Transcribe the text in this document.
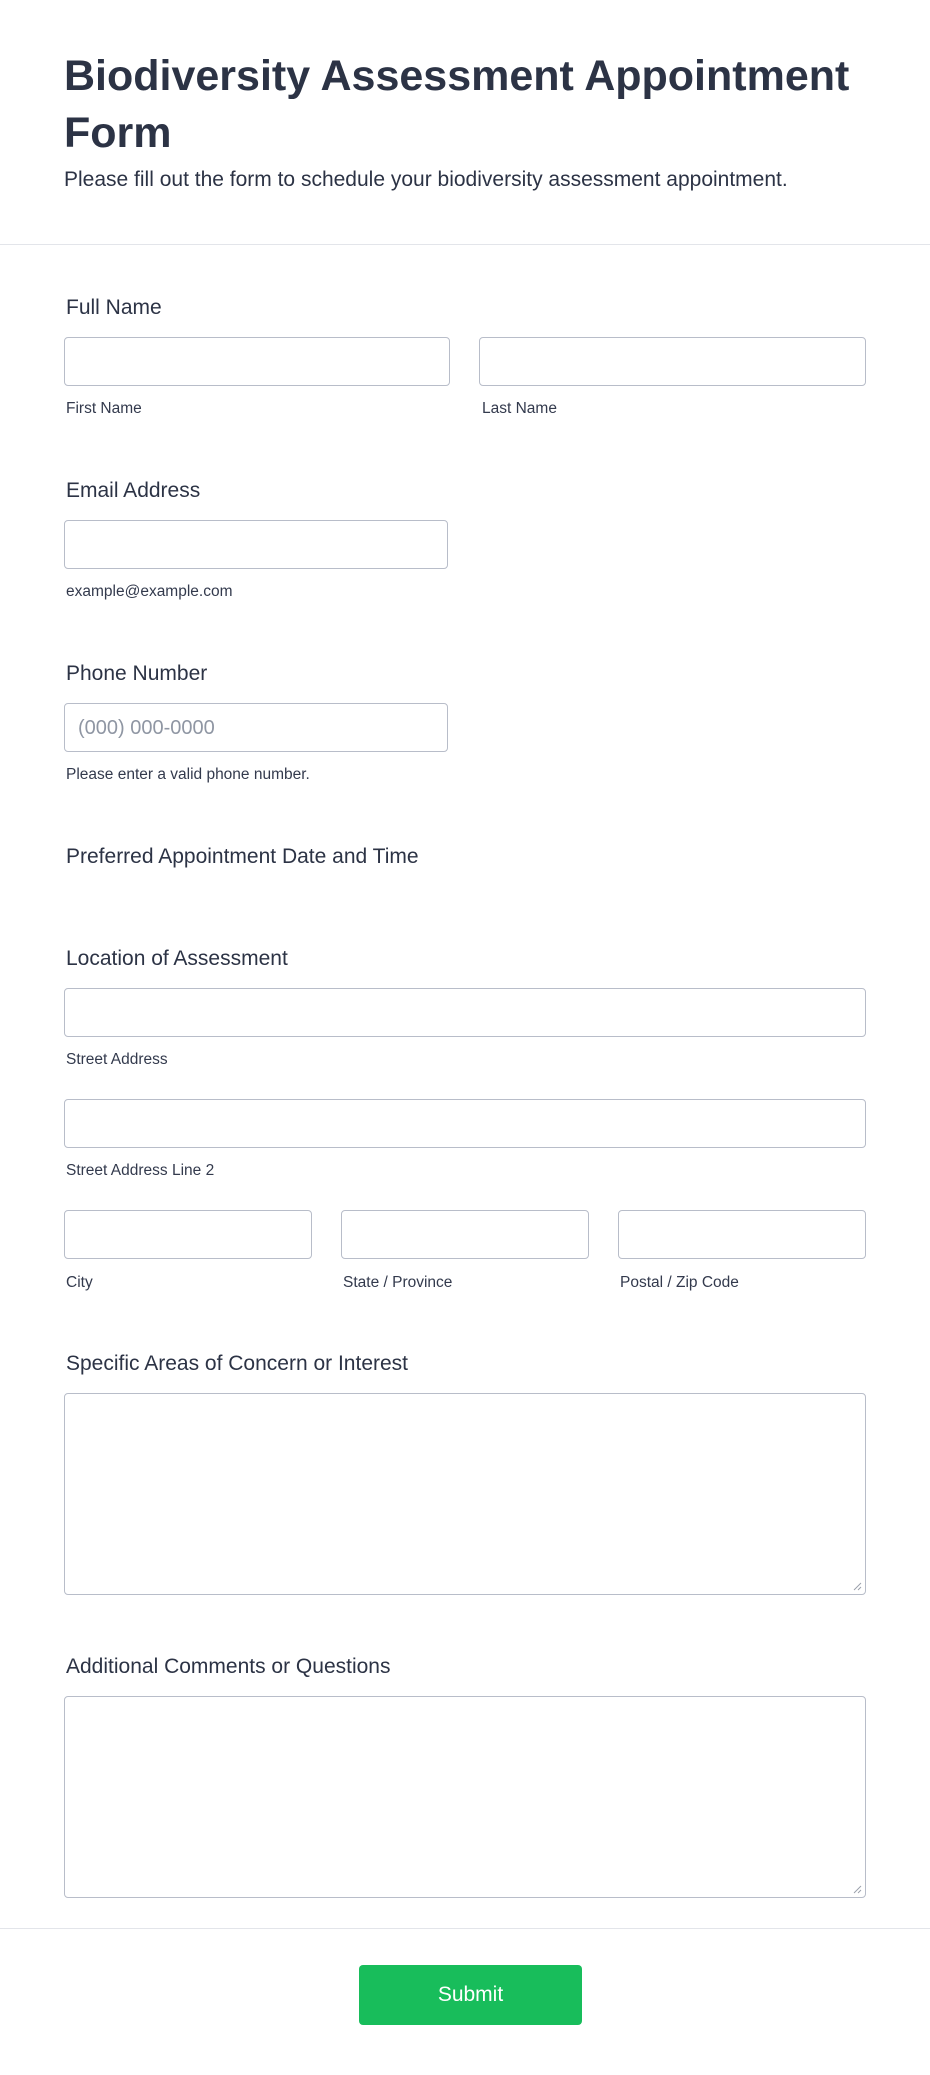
Biodiversity Assessment Appointment Form

Please fill out the form to schedule your biodiversity assessment appointment.

Full Name
First Name	Last Name
Email Address
example@example.com
Phone Number
(000) 000-0000
Please enter a valid phone number.
Preferred Appointment Date and Time
Location of Assessment
Street Address
Street Address Line 2
City	State / Province	Postal / Zip Code
Specific Areas of Concern or Interest
Additional Comments or Questions
Submit
